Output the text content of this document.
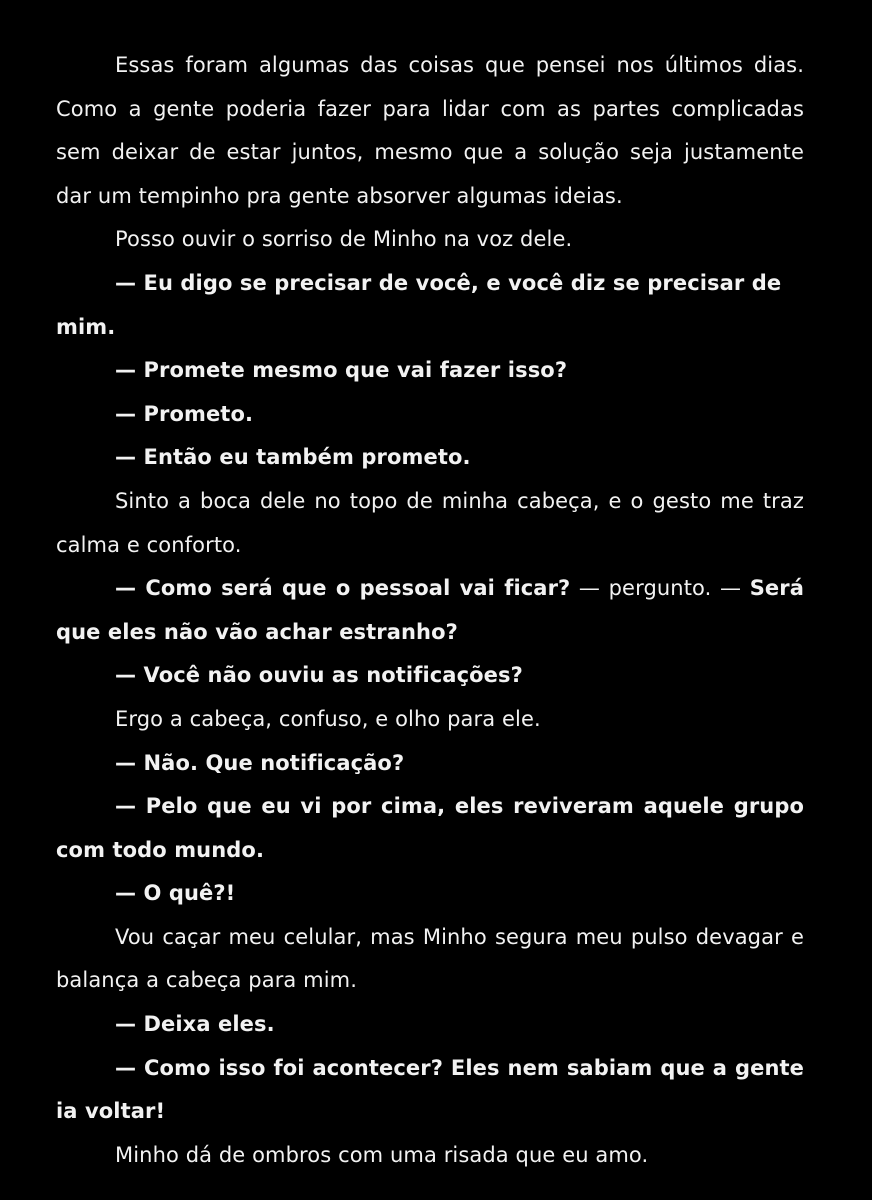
Essas foram algumas das coisas que pensei nos últimos dias. Como a gente poderia fazer para lidar com as partes complicadas sem deixar de estar juntos, mesmo que a solução seja justamente dar um tempinho pra gente absorver algumas ideias.

Posso ouvir o sorriso de Minho na voz dele.

— Eu digo se precisar de você, e você diz se precisar de mim.

— Promete mesmo que vai fazer isso?

— Prometo.

— Então eu também prometo.

Sinto a boca dele no topo de minha cabeça, e o gesto me traz calma e conforto.

— Como será que o pessoal vai ficar? — pergunto. — Será que eles não vão achar estranho?

— Você não ouviu as notificações?

Ergo a cabeça, confuso, e olho para ele.

— Não. Que notificação?

— Pelo que eu vi por cima, eles reviveram aquele grupo com todo mundo.

— O quê?!

Vou caçar meu celular, mas Minho segura meu pulso devagar e balança a cabeça para mim.

— Deixa eles.

— Como isso foi acontecer? Eles nem sabiam que a gente ia voltar!

Minho dá de ombros com uma risada que eu amo.
